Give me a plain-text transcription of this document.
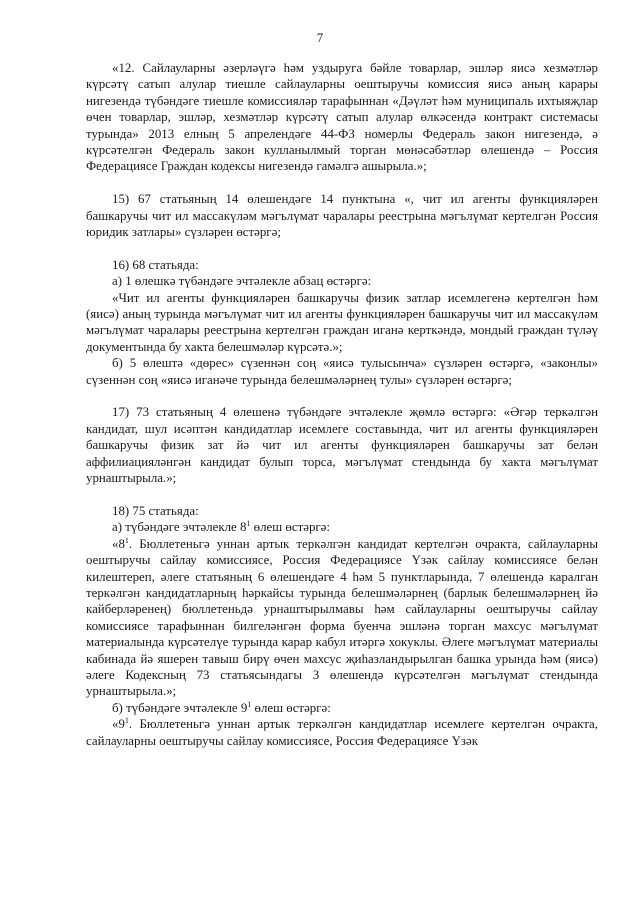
7

«12. Сайлауларны әзерләүгә һәм уздыруга бәйле товарлар, эшләр яисә хезмәтләр күрсәтү сатып алулар тиешле сайлауларны оештыручы комиссия яисә аның карары нигезендә түбәндәге тиешле комиссияләр тарафыннан «Дәүләт һәм муниципаль ихтыяҗлар өчен товарлар, эшләр, хезмәтләр күрсәтү сатып алулар өлкәсендә контракт системасы турында» 2013 елның 5 апрелендәге 44-ФЗ номерлы Федераль закон нигезендә, ә күрсәтелгән Федераль закон кулланылмый торган мөнәсәбәтләр өлешендә – Россия Федерациясе Граждан кодексы нигезендә гамәлгә ашырыла.»;

15) 67 статьяның 14 өлешендәге 14 пунктына «, чит ил агенты функцияләрен башкаручы чит ил массакүләм мәгълүмат чаралары реестрына мәгълүмат кертелгән Россия юридик затлары» сүзләрен өстәргә;

16) 68 статьяда:

а) 1 өлешкә түбәндәге эчтәлекле абзац өстәргә:

«Чит ил агенты функцияләрен башкаручы физик затлар исемлегенә кертелгән һәм (яисә) аның турында мәгълүмат чит ил агенты функцияләрен башкаручы чит ил массакүләм мәгълүмат чаралары реестрына кертелгән граждан иганә керткәндә, мондый граждан түләү документында бу хакта белешмәләр күрсәтә.»;

б) 5 өлештә «дөрес» сүзеннән соң «яисә тулысынча» сүзләрен өстәргә, «законлы» сүзеннән соң «яисә иганәче турында белешмәләрнең тулы» сүзләрен өстәргә;

17) 73 статьяның 4 өлешенә түбәндәге эчтәлекле җөмлә өстәргә: «Әгәр теркәлгән кандидат, шул исәптән кандидатлар исемлеге составында, чит ил агенты функцияләрен башкаручы физик зат йә чит ил агенты функцияләрен башкаручы зат белән аффилиацияләнгән кандидат булып торса, мәгълүмат стендында бу хакта мәгълүмат урнаштырыла.»;

18) 75 статьяда:

а) түбәндәге эчтәлекле $8^1$ өлеш өстәргә:

«$8^1$. Бюллетеньгә уннан артык теркәлгән кандидат кертелгән очракта, сайлауларны оештыручы сайлау комиссиясе, Россия Федерациясе Үзәк сайлау комиссиясе белән килештереп, әлеге статьяның 6 өлешендәге 4 һәм 5 пунктларында, 7 өлешендә каралган теркәлгән кандидатларның һәркайсы турында белешмәләрнең (барлык белешмәләрнең йә кайберләренең) бюллетеньдә урнаштырылмавы һәм сайлауларны оештыручы сайлау комиссиясе тарафыннан билгеләнгән форма буенча эшләнә торган махсус мәгълүмат материалында күрсәтелүе турында карар кабул итәргә хокуклы. Әлеге мәгълүмат материалы кабинада йә яшерен тавыш бирү өчен махсус җиһазландырылган башка урында һәм (яисә) әлеге Кодексның 73 статьясындагы 3 өлешендә күрсәтелгән мәгълүмат стендында урнаштырыла.»;

б) түбәндәге эчтәлекле $9^1$ өлеш өстәргә:

«$9^1$. Бюллетеньгә уннан артык теркәлгән кандидатлар исемлеге кертелгән очракта, сайлауларны оештыручы сайлау комиссиясе, Россия Федерациясе Үзәк
